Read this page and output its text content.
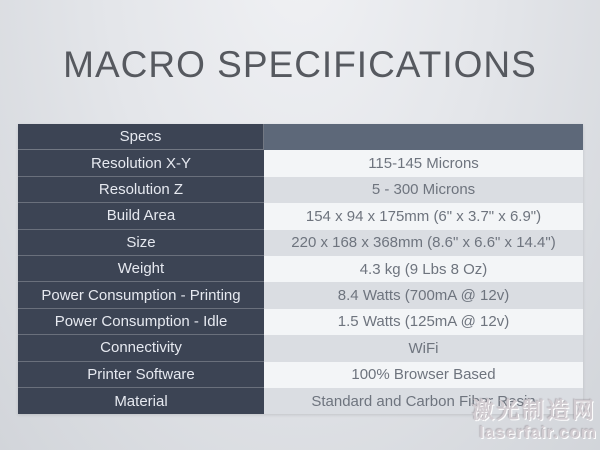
MACRO SPECIFICATIONS
Specs
Resolution X-Y	115-145 Microns
Resolution Z	5 - 300 Microns
Build Area	154 x 94 x 175mm (6" x 3.7" x 6.9")
Size	220 x 168 x 368mm (8.6" x 6.6" x 14.4")
Weight	4.3 kg (9 Lbs 8 Oz)
Power Consumption - Printing	8.4 Watts (700mA @ 12v)
Power Consumption - Idle	1.5 Watts (125mA @ 12v)
Connectivity	WiFi
Printer Software	100% Browser Based
Material	Standard and Carbon Fiber Resin
激光制造网
laserfair.com
